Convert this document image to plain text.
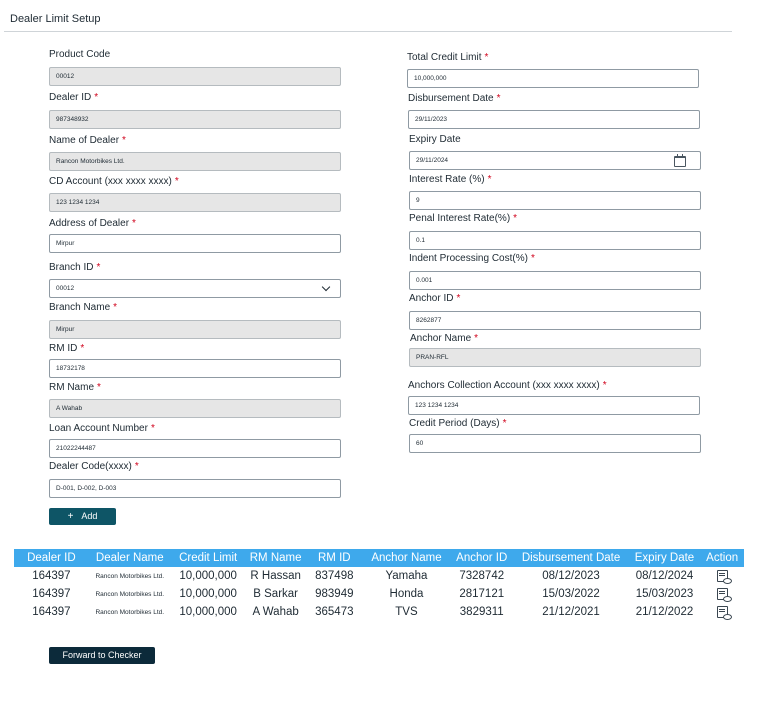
Dealer Limit Setup
Product Code
00012
Dealer ID *
987348932
Name of Dealer *
Rancon Motorbikes Ltd.
CD Account (xxx xxxx xxxx) *
123 1234 1234
Address of Dealer *
Mirpur
Branch ID *
00012
Branch Name *
Mirpur
RM ID *
18732178
RM Name *
A Wahab
Loan Account Number *
21022244487
Dealer Code(xxxx) *
D-001, D-002, D-003
Total Credit Limit *
10,000,000
Disbursement Date *
29/11/2023
Expiry Date
29/11/2024
Interest Rate (%) *
9
Penal Interest Rate(%) *
0.1
Indent Processing Cost(%) *
0.001
Anchor ID *
8262877
Anchor Name *
PRAN-RFL
Anchors Collection Account (xxx xxxx xxxx) *
123 1234 1234
Credit Period (Days) *
60
+ Add
Dealer ID	Dealer Name	Credit Limit	RM Name	RM ID	Anchor Name	Anchor ID	Disbursement Date	Expiry Date	Action
164397	Rancon Motorbikes Ltd.	10,000,000	R Hassan	837498	Yamaha	7328742	08/12/2023	08/12/2024	
164397	Rancon Motorbikes Ltd.	10,000,000	B Sarkar	983949	Honda	2817121	15/03/2022	15/03/2023	
164397	Rancon Motorbikes Ltd.	10,000,000	A Wahab	365473	TVS	3829311	21/12/2021	21/12/2022	
Forward to Checker
